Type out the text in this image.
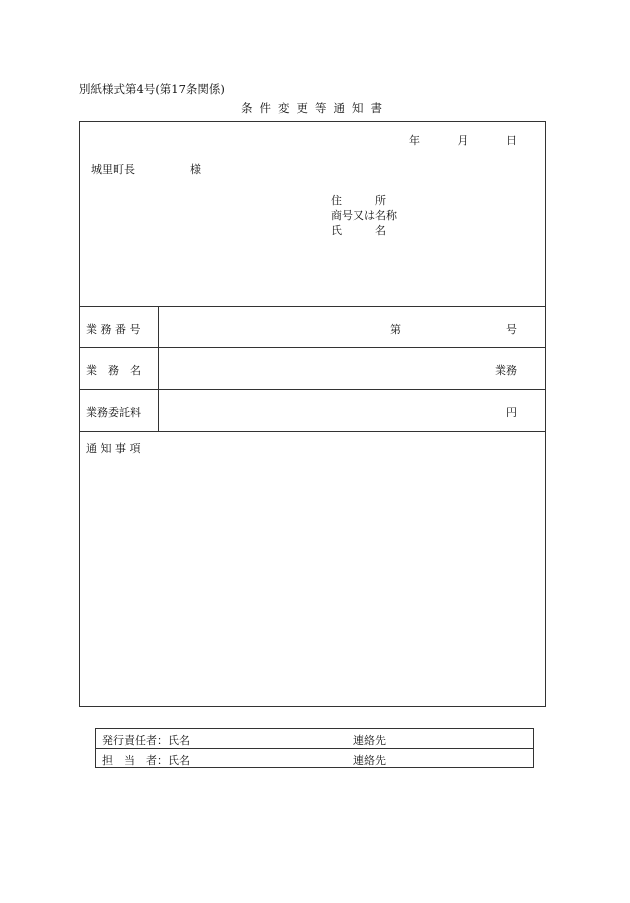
別紙様式第4号(第17条関係)
条件変更等通知書
年	月	日
城里町長	様
住　　　所
商号又は名称
氏　　　名
業 務 番 号	第	号
業　務　名	業務
業務委託料	円
通 知 事 項
発行責任者：氏名	連絡先
担　当　者：氏名	連絡先
